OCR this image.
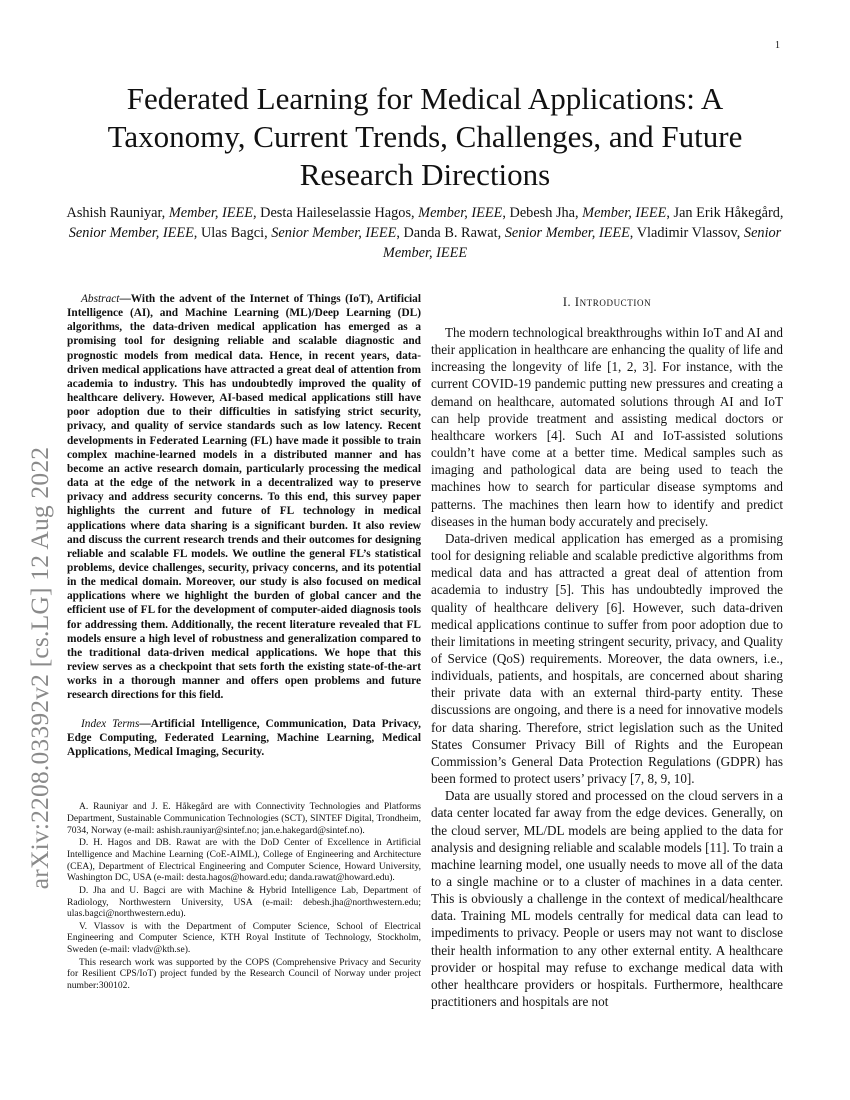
1
arXiv:2208.03392v2 [cs.LG] 12 Aug 2022
Federated Learning for Medical Applications: A Taxonomy, Current Trends, Challenges, and Future Research Directions
Ashish Rauniyar, Member, IEEE, Desta Haileselassie Hagos, Member, IEEE, Debesh Jha, Member, IEEE, Jan Erik Håkegård, Senior Member, IEEE, Ulas Bagci, Senior Member, IEEE, Danda B. Rawat, Senior Member, IEEE, Vladimir Vlassov, Senior Member, IEEE

Abstract—With the advent of the Internet of Things (IoT), Artificial Intelligence (AI), and Machine Learning (ML)/Deep Learning (DL) algorithms, the data-driven medical application has emerged as a promising tool for designing reliable and scalable diagnostic and prognostic models from medical data. Hence, in recent years, data-driven medical applications have attracted a great deal of attention from academia to industry. This has undoubtedly improved the quality of healthcare delivery. However, AI-based medical applications still have poor adoption due to their difficulties in satisfying strict security, privacy, and quality of service standards such as low latency. Recent developments in Federated Learning (FL) have made it possible to train complex machine-learned models in a distributed manner and has become an active research domain, particularly processing the medical data at the edge of the network in a decentralized way to preserve privacy and address security concerns. To this end, this survey paper highlights the current and future of FL technology in medical applications where data sharing is a significant burden. It also review and discuss the current research trends and their outcomes for designing reliable and scalable FL models. We outline the general FL’s statistical problems, device challenges, security, privacy concerns, and its potential in the medical domain. Moreover, our study is also focused on medical applications where we highlight the burden of global cancer and the efficient use of FL for the development of computer-aided diagnosis tools for addressing them. Additionally, the recent literature revealed that FL models ensure a high level of robustness and generalization compared to the traditional data-driven medical applications. We hope that this review serves as a checkpoint that sets forth the existing state-of-the-art works in a thorough manner and offers open problems and future research directions for this field.

Index Terms—Artificial Intelligence, Communication, Data Privacy, Edge Computing, Federated Learning, Machine Learning, Medical Applications, Medical Imaging, Security.

A. Rauniyar and J. E. Håkegård are with Connectivity Technologies and Platforms Department, Sustainable Communication Technologies (SCT), SINTEF Digital, Trondheim, 7034, Norway (e-mail: ashish.rauniyar@sintef.no; jan.e.hakegard@sintef.no).

D. H. Hagos and DB. Rawat are with the DoD Center of Excellence in Artificial Intelligence and Machine Learning (CoE-AIML), College of Engineering and Architecture (CEA), Department of Electrical Engineering and Computer Science, Howard University, Washington DC, USA (e-mail: desta.hagos@howard.edu; danda.rawat@howard.edu).

D. Jha and U. Bagci are with Machine & Hybrid Intelligence Lab, Department of Radiology, Northwestern University, USA (e-mail: debesh.jha@northwestern.edu; ulas.bagci@northwestern.edu).

V. Vlassov is with the Department of Computer Science, School of Electrical Engineering and Computer Science, KTH Royal Institute of Technology, Stockholm, Sweden (e-mail: vladv@kth.se).

This research work was supported by the COPS (Comprehensive Privacy and Security for Resilient CPS/IoT) project funded by the Research Council of Norway under project number:300102.

I. Introduction

The modern technological breakthroughs within IoT and AI and their application in healthcare are enhancing the quality of life and increasing the longevity of life [1, 2, 3]. For instance, with the current COVID-19 pandemic putting new pressures and creating a demand on healthcare, automated solutions through AI and IoT can help provide treatment and assisting medical doctors or healthcare workers [4]. Such AI and IoT-assisted solutions couldn’t have come at a better time. Medical samples such as imaging and pathological data are being used to teach the machines how to search for particular disease symptoms and patterns. The machines then learn how to identify and predict diseases in the human body accurately and precisely.

Data-driven medical application has emerged as a promising tool for designing reliable and scalable predictive algorithms from medical data and has attracted a great deal of attention from academia to industry [5]. This has undoubtedly improved the quality of healthcare delivery [6]. However, such data-driven medical applications continue to suffer from poor adoption due to their limitations in meeting stringent security, privacy, and Quality of Service (QoS) requirements. Moreover, the data owners, i.e., individuals, patients, and hospitals, are concerned about sharing their private data with an external third-party entity. These discussions are ongoing, and there is a need for innovative models for data sharing. Therefore, strict legislation such as the United States Consumer Privacy Bill of Rights and the European Commission’s General Data Protection Regulations (GDPR) has been formed to protect users’ privacy [7, 8, 9, 10].

Data are usually stored and processed on the cloud servers in a data center located far away from the edge devices. Generally, on the cloud server, ML/DL models are being applied to the data for analysis and designing reliable and scalable models [11]. To train a machine learning model, one usually needs to move all of the data to a single machine or to a cluster of machines in a data center. This is obviously a challenge in the context of medical/healthcare data. Training ML models centrally for medical data can lead to impediments to privacy. People or users may not want to disclose their health information to any other external entity. A healthcare provider or hospital may refuse to exchange medical data with other healthcare providers or hospitals. Furthermore, healthcare practitioners and hospitals are not
